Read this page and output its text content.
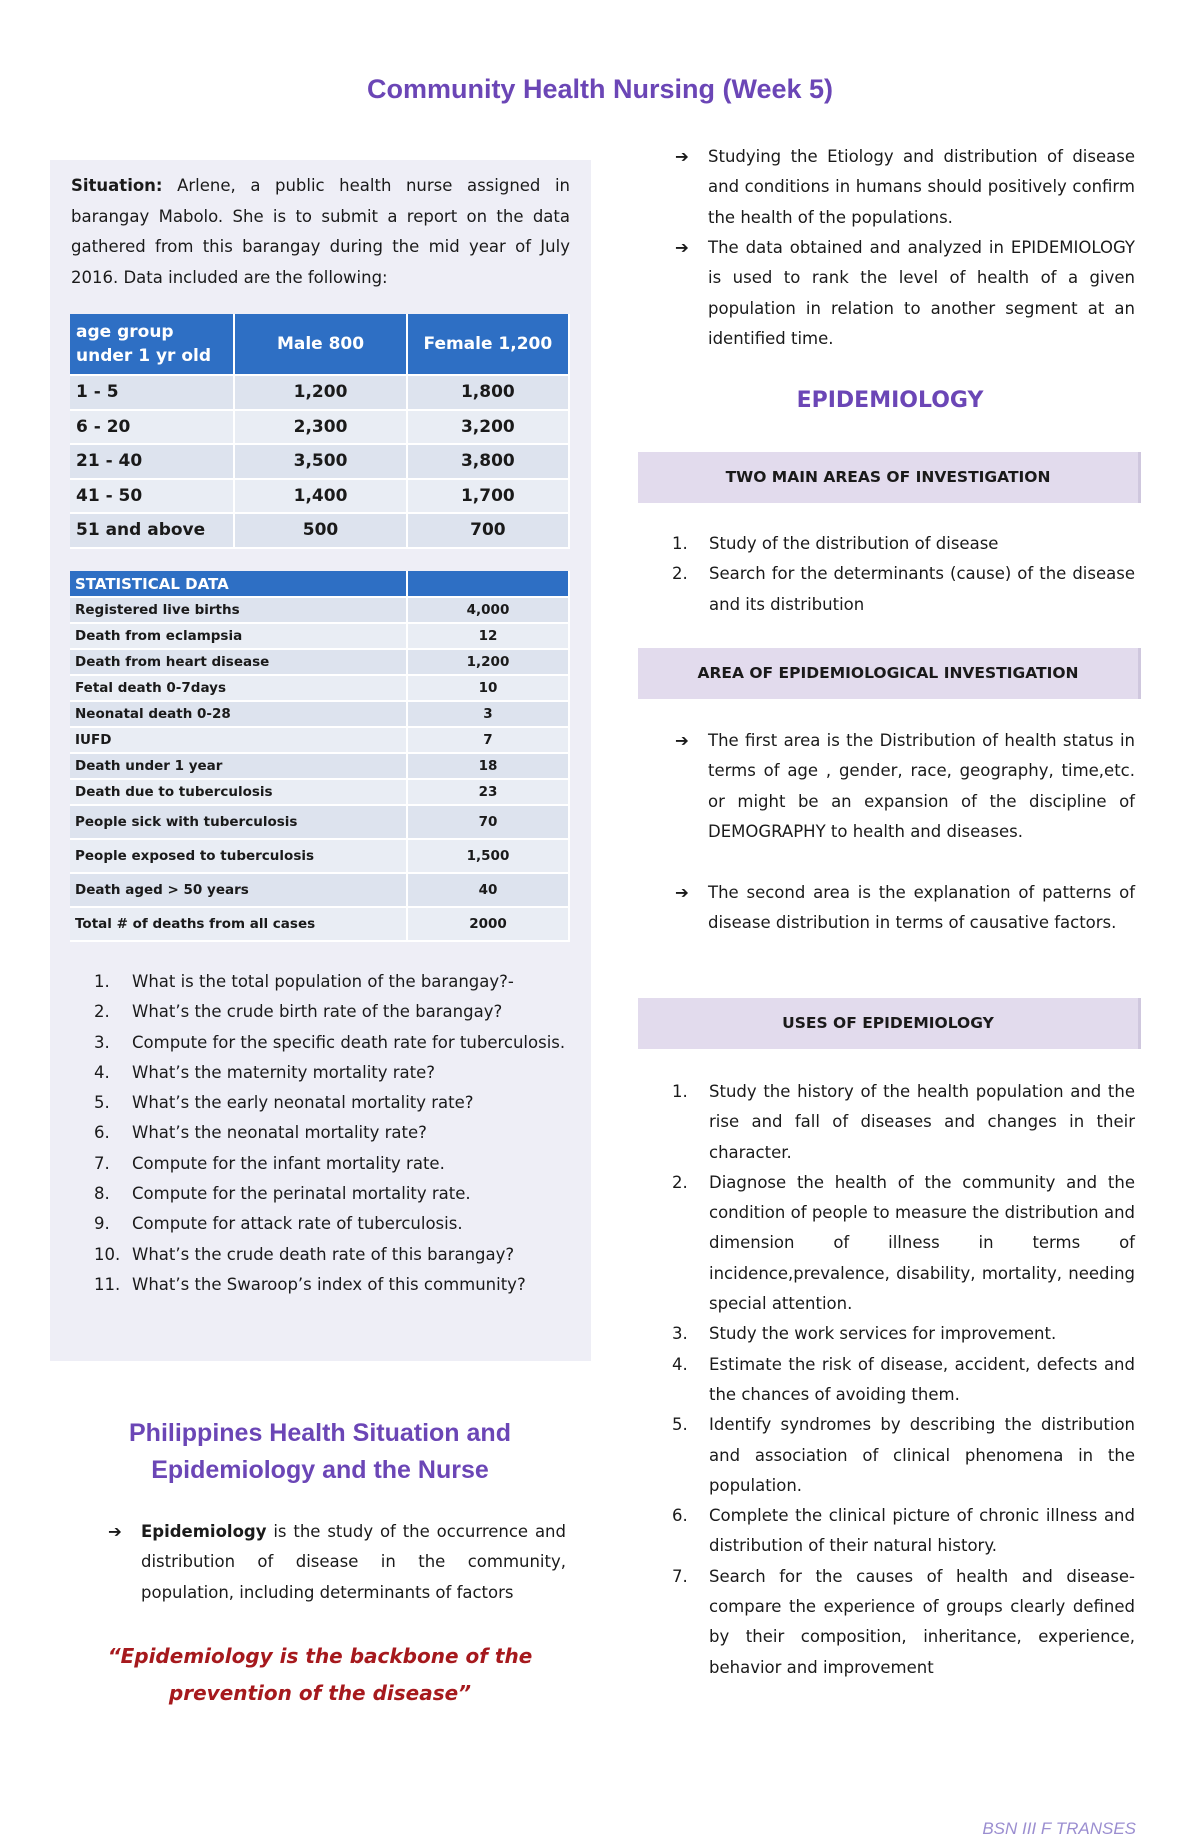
Community Health Nursing (Week 5)
Situation: Arlene, a public health nurse assigned in barangay Mabolo. She is to submit a report on the data gathered from this barangay during the mid year of July 2016. Data included are the following:
age group under 1 yr old	Male 800	Female 1,200
1 - 5	1,200	1,800
6 - 20	2,300	3,200
21 - 40	3,500	3,800
41 - 50	1,400	1,700
51 and above	500	700
STATISTICAL DATA	
Registered live births	4,000
Death from eclampsia	12
Death from heart disease	1,200
Fetal death 0-7days	10
Neonatal death 0-28	3
IUFD	7
Death under 1 year	18
Death due to tuberculosis	23
People sick with tuberculosis	70
People exposed to tuberculosis	1,500
Death aged > 50 years	40
Total # of deaths from all cases	2000
1.	What is the total population of the barangay?-
2.	What’s the crude birth rate of the barangay?
3.	Compute for the specific death rate for tuberculosis.
4.	What’s the maternity mortality rate?
5.	What’s the early neonatal mortality rate?
6.	What’s the neonatal mortality rate?
7.	Compute for the infant mortality rate.
8.	Compute for the perinatal mortality rate.
9.	Compute for attack rate of tuberculosis.
10. What’s the crude death rate of this barangay?
11. What’s the Swaroop’s index of this community?
Philippines Health Situation and Epidemiology and the Nurse
➔ Epidemiology is the study of the occurrence and distribution of disease in the community, population, including determinants of factors
“Epidemiology is the backbone of the prevention of the disease”
➔ Studying the Etiology and distribution of disease and conditions in humans should positively confirm the health of the populations.
➔ The data obtained and analyzed in EPIDEMIOLOGY is used to rank the level of health of a given population in relation to another segment at an identified time.
EPIDEMIOLOGY
TWO MAIN AREAS OF INVESTIGATION
1. Study of the distribution of disease
2. Search for the determinants (cause) of the disease and its distribution
AREA OF EPIDEMIOLOGICAL INVESTIGATION
➔ The first area is the Distribution of health status in terms of age , gender, race, geography, time,etc. or might be an expansion of the discipline of DEMOGRAPHY to health and diseases.
➔ The second area is the explanation of patterns of disease distribution in terms of causative factors.
USES OF EPIDEMIOLOGY
1. Study the history of the health population and the rise and fall of diseases and changes in their character.
2. Diagnose the health of the community and the condition of people to measure the distribution and dimension of illness in terms of incidence,prevalence, disability, mortality, needing special attention.
3. Study the work services for improvement.
4. Estimate the risk of disease, accident, defects and the chances of avoiding them.
5. Identify syndromes by describing the distribution and association of clinical phenomena in the population.
6. Complete the clinical picture of chronic illness and distribution of their natural history.
7. Search for the causes of health and disease- compare the experience of groups clearly defined by their composition, inheritance, experience, behavior and improvement
BSN III F TRANSES
